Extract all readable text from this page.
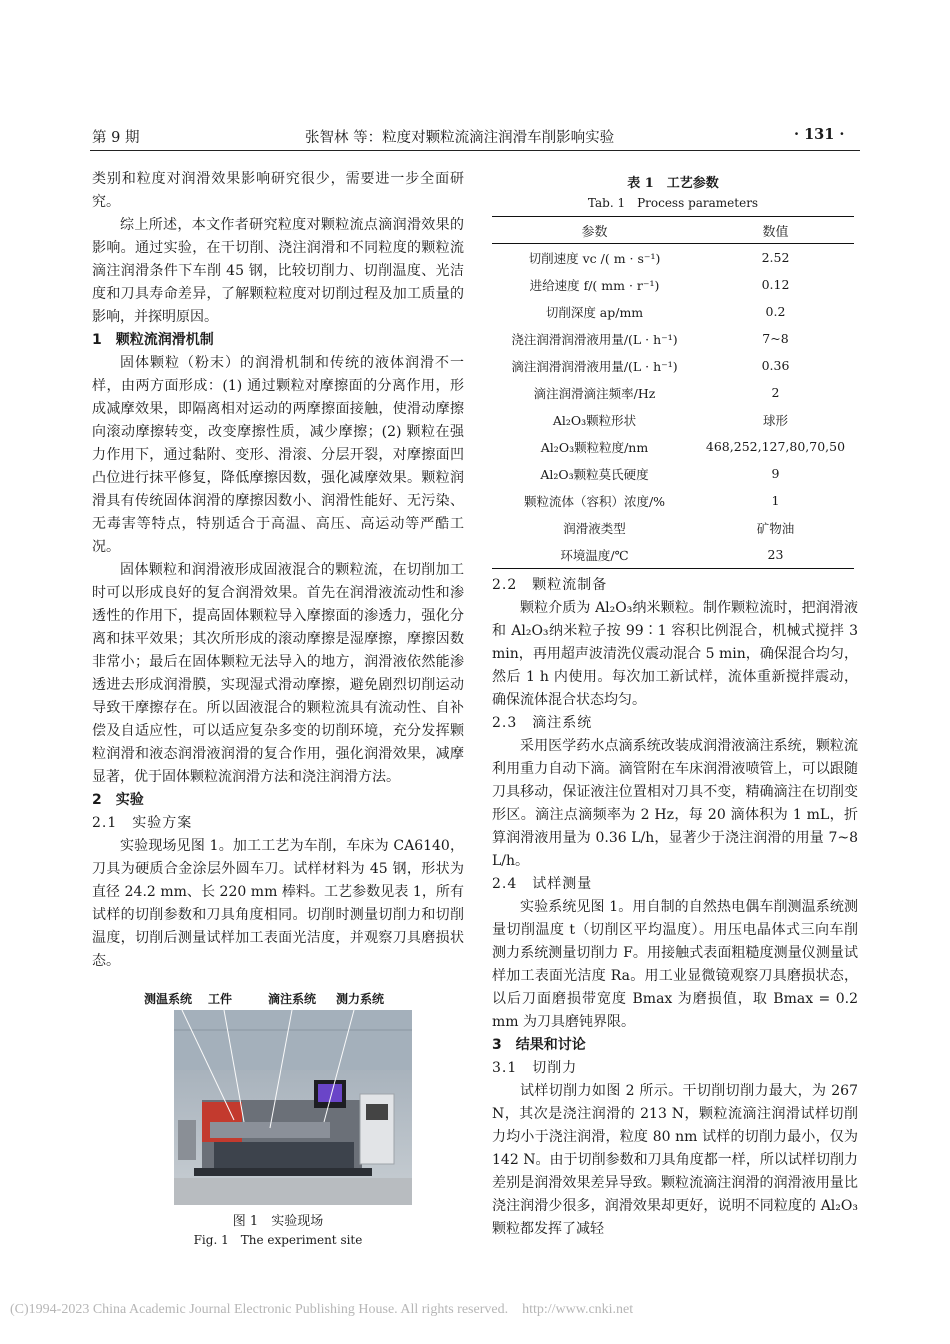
第 9 期	张智林 等：粒度对颗粒流滴注润滑车削影响实验	· 131 ·

类别和粒度对润滑效果影响研究很少，需要进一步全面研究。

综上所述，本文作者研究粒度对颗粒流点滴润滑效果的影响。通过实验，在干切削、浇注润滑和不同粒度的颗粒流滴注润滑条件下车削 45 钢，比较切削力、切削温度、光洁度和刀具寿命差异，了解颗粒粒度对切削过程及加工质量的影响，并探明原因。

1　颗粒流润滑机制

固体颗粒（粉末）的润滑机制和传统的液体润滑不一样，由两方面形成：(1) 通过颗粒对摩擦面的分离作用，形成减摩效果，即隔离相对运动的两摩擦面接触，使滑动摩擦向滚动摩擦转变，改变摩擦性质，减少摩擦；(2) 颗粒在强力作用下，通过黏附、变形、滑滚、分层开裂，对摩擦面凹凸位进行抹平修复，降低摩擦因数，强化减摩效果。颗粒润滑具有传统固体润滑的摩擦因数小、润滑性能好、无污染、无毒害等特点，特别适合于高温、高压、高运动等严酷工况。

固体颗粒和润滑液形成固液混合的颗粒流，在切削加工时可以形成良好的复合润滑效果。首先在润滑液流动性和渗透性的作用下，提高固体颗粒导入摩擦面的渗透力，强化分离和抹平效果；其次所形成的滚动摩擦是湿摩擦，摩擦因数非常小；最后在固体颗粒无法导入的地方，润滑液依然能渗透进去形成润滑膜，实现湿式滑动摩擦，避免剧烈切削运动导致干摩擦存在。所以固液混合的颗粒流具有流动性、自补偿及自适应性，可以适应复杂多变的切削环境，充分发挥颗粒润滑和液态润滑液润滑的复合作用，强化润滑效果，减摩显著，优于固体颗粒流润滑方法和浇注润滑方法。

2　实验

2.1　实验方案

实验现场见图 1。加工工艺为车削，车床为 CA6140，刀具为硬质合金涂层外圆车刀。试样材料为 45 钢，形状为直径 24.2 mm、长 220 mm 棒料。工艺参数见表 1，所有试样的切削参数和刀具角度相同。切削时测量切削力和切削温度，切削后测量试样加工表面光洁度，并观察刀具磨损状态。

测温系统 工件	滴注系统 测力系统
图 1　实验现场
Fig. 1　The experiment site
表 1　工艺参数
Tab. 1　Process parameters
参数	数值
切削速度 vc /( m · s⁻¹)	2.52
进给速度 f/( mm · r⁻¹)	0.12
切削深度 ap/mm	0.2
浇注润滑润滑液用量/(L · h⁻¹)	7~8
滴注润滑润滑液用量/(L · h⁻¹)	0.36
滴注润滑滴注频率/Hz	2
Al₂O₃颗粒形状	球形
Al₂O₃颗粒粒度/nm	468,252,127,80,70,50
Al₂O₃颗粒莫氏硬度	9
颗粒流体（容积）浓度/%	1
润滑液类型	矿物油
环境温度/℃	23

2.2　颗粒流制备

颗粒介质为 Al₂O₃纳米颗粒。制作颗粒流时，把润滑液和 Al₂O₃纳米粒子按 99∶1 容积比例混合，机械式搅拌 3 min，再用超声波清洗仪震动混合 5 min，确保混合均匀，然后 1 h 内使用。每次加工新试样，流体重新搅拌震动，确保流体混合状态均匀。

2.3　滴注系统

采用医学药水点滴系统改装成润滑液滴注系统，颗粒流利用重力自动下滴。滴管附在车床润滑液喷管上，可以跟随刀具移动，保证液注位置相对刀具不变，精确滴注在切削变形区。滴注点滴频率为 2 Hz，每 20 滴体积为 1 mL，折算润滑液用量为 0.36 L/h，显著少于浇注润滑的用量 7~8 L/h。

2.4　试样测量

实验系统见图 1。用自制的自然热电偶车削测温系统测量切削温度 t（切削区平均温度）。用压电晶体式三向车削测力系统测量切削力 F。用接触式表面粗糙度测量仪测量试样加工表面光洁度 Ra。用工业显微镜观察刀具磨损状态，以后刀面磨损带宽度 Bmax 为磨损值，取 Bmax = 0.2 mm 为刀具磨钝界限。

3　结果和讨论

3.1　切削力

试样切削力如图 2 所示。干切削切削力最大，为 267 N，其次是浇注润滑的 213 N，颗粒流滴注润滑试样切削力均小于浇注润滑，粒度 80 nm 试样的切削力最小，仅为 142 N。由于切削参数和刀具角度都一样，所以试样切削力差别是润滑效果差异导致。颗粒流滴注润滑的润滑液用量比浇注润滑少很多，润滑效果却更好，说明不同粒度的 Al₂O₃颗粒都发挥了减轻

(C)1994-2023 China Academic Journal Electronic Publishing House. All rights reserved.　http://www.cnki.net
